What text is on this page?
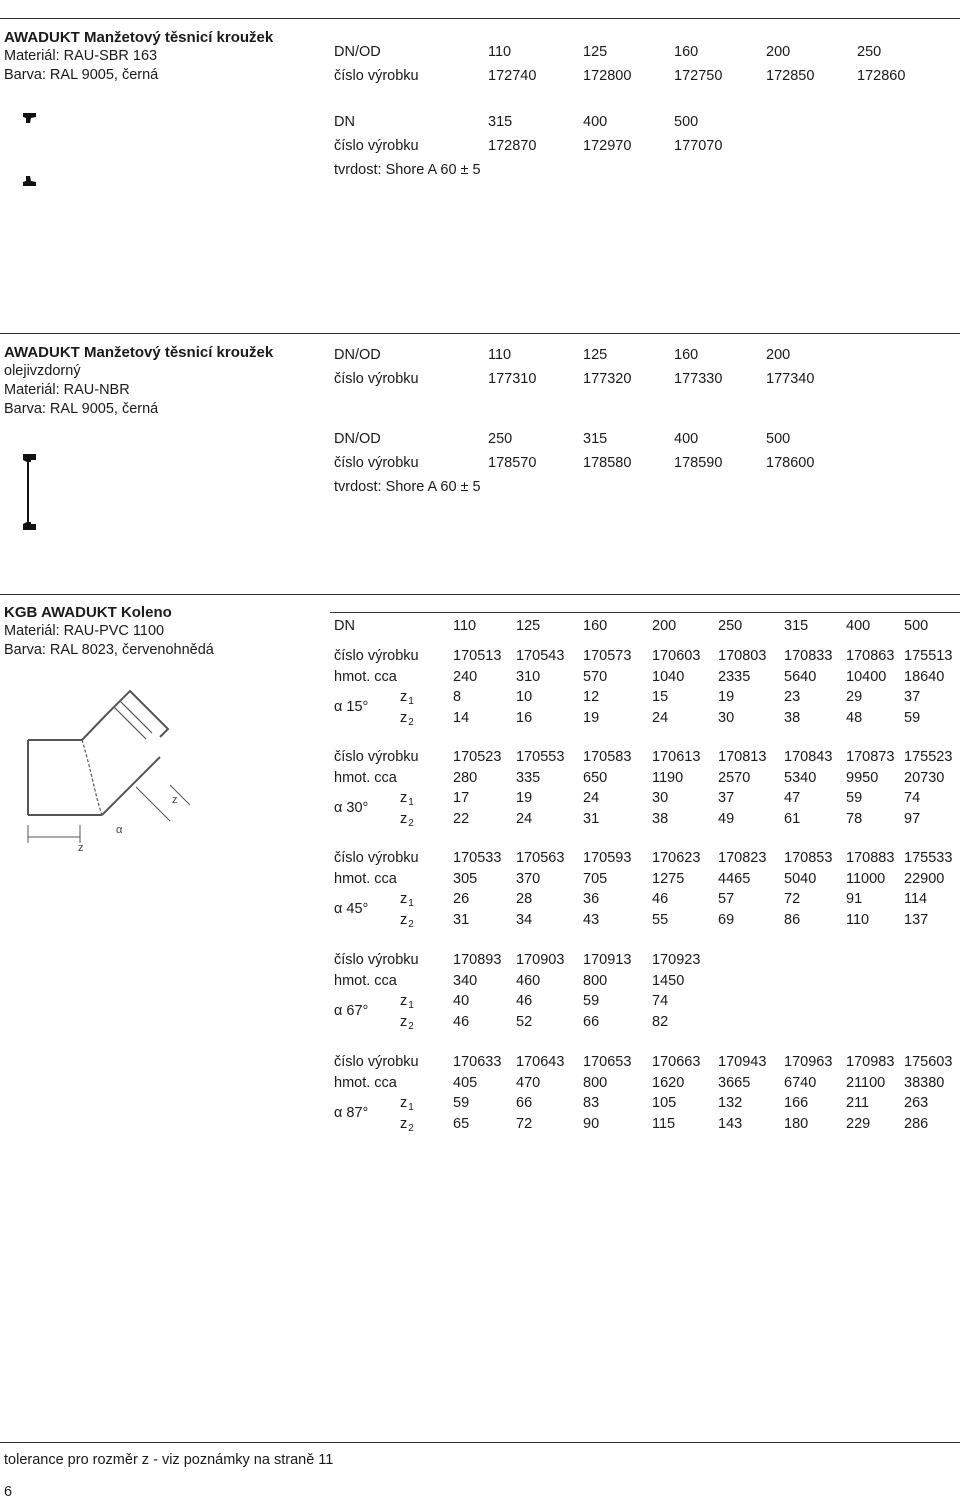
AWADUKT Manžetový těsnicí kroužek
Materiál: RAU-SBR 163
Barva: RAL 9005, černá
DN/OD	110	125	160	200	250
číslo výrobku	172740	172800	172750	172850	172860
DN	315	400	500
číslo výrobku	172870	172970	177070
tvrdost: Shore A 60 ± 5
AWADUKT Manžetový těsnicí kroužek
olejivzdorný
Materiál: RAU-NBR
Barva: RAL 9005, černá
DN/OD	110	125	160	200
číslo výrobku	177310	177320	177330	177340
DN/OD	250	315	400	500
číslo výrobku	178570	178580	178590	178600
tvrdost: Shore A 60 ± 5
KGB AWADUKT Koleno
Materiál: RAU-PVC 1100
Barva: RAL 8023, červenohnědá
z
α
z
DN	110	125	160	200	250	315	400 500
číslo výrobku 170513 170543 170573 170603 170803 170833 170863 175513
hmot. cca	240	310	570	1040 2335 5640 10400 18640
$z_1$	8	10	12	15	19	23	29	37
$z_2$	14	16	19	24	30	38	48	59
α 15°
číslo výrobku 170523 170553 170583 170613 170813 170843 170873 175523
hmot. cca	280	335	650	1190 2570 5340 9950 20730
$z_1$	17	19	24	30	37	47	59	74
$z_2$	22	24	31	38	49	61	78	97
α 30°
číslo výrobku 170533 170563 170593 170623 170823 170853 170883 175533
hmot. cca	305	370	705	1275 4465 5040 11000 22900
$z_1$	26	28	36	46	57	72	91	114
$z_2$	31	34	43	55	69	86	110 137
α 45°
číslo výrobku 170893 170903 170913 170923
hmot. cca	340	460	800	1450
$z_1$	40	46	59	74
$z_2$	46	52	66	82
α 67°
číslo výrobku 170633 170643 170653 170663 170943 170963 170983 175603
hmot. cca	405	470	800	1620 3665 6740 21100 38380
$z_1$	59	66	83	105	132	166	211 263
$z_2$	65	72	90	115	143	180	229 286
α 87°
tolerance pro rozměr z - viz poznámky na straně 11
6
